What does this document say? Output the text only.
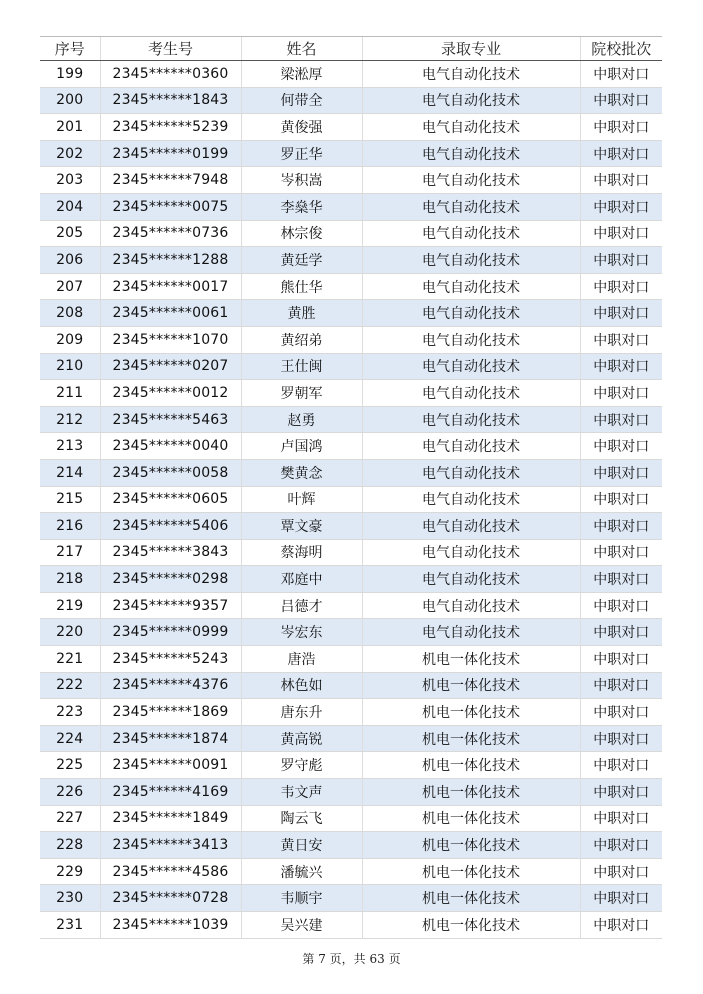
序号	考生号	姓名	录取专业	院校批次
199	2345******0360	梁淞厚	电气自动化技术	中职对口
200	2345******1843	何带全	电气自动化技术	中职对口
201	2345******5239	黄俊强	电气自动化技术	中职对口
202	2345******0199	罗正华	电气自动化技术	中职对口
203	2345******7948	岑积嵩	电气自动化技术	中职对口
204	2345******0075	李燊华	电气自动化技术	中职对口
205	2345******0736	林宗俊	电气自动化技术	中职对口
206	2345******1288	黄廷学	电气自动化技术	中职对口
207	2345******0017	熊仕华	电气自动化技术	中职对口
208	2345******0061	黄胜	电气自动化技术	中职对口
209	2345******1070	黄绍弟	电气自动化技术	中职对口
210	2345******0207	王仕闽	电气自动化技术	中职对口
211	2345******0012	罗朝军	电气自动化技术	中职对口
212	2345******5463	赵勇	电气自动化技术	中职对口
213	2345******0040	卢国鸿	电气自动化技术	中职对口
214	2345******0058	樊黄念	电气自动化技术	中职对口
215	2345******0605	叶辉	电气自动化技术	中职对口
216	2345******5406	覃文豪	电气自动化技术	中职对口
217	2345******3843	蔡海明	电气自动化技术	中职对口
218	2345******0298	邓庭中	电气自动化技术	中职对口
219	2345******9357	吕德才	电气自动化技术	中职对口
220	2345******0999	岑宏东	电气自动化技术	中职对口
221	2345******5243	唐浩	机电一体化技术	中职对口
222	2345******4376	林色如	机电一体化技术	中职对口
223	2345******1869	唐东升	机电一体化技术	中职对口
224	2345******1874	黄高锐	机电一体化技术	中职对口
225	2345******0091	罗守彪	机电一体化技术	中职对口
226	2345******4169	韦文声	机电一体化技术	中职对口
227	2345******1849	陶云飞	机电一体化技术	中职对口
228	2345******3413	黄日安	机电一体化技术	中职对口
229	2345******4586	潘毓兴	机电一体化技术	中职对口
230	2345******0728	韦顺宇	机电一体化技术	中职对口
231	2345******1039	吴兴建	机电一体化技术	中职对口
第 7 页，共 63 页
